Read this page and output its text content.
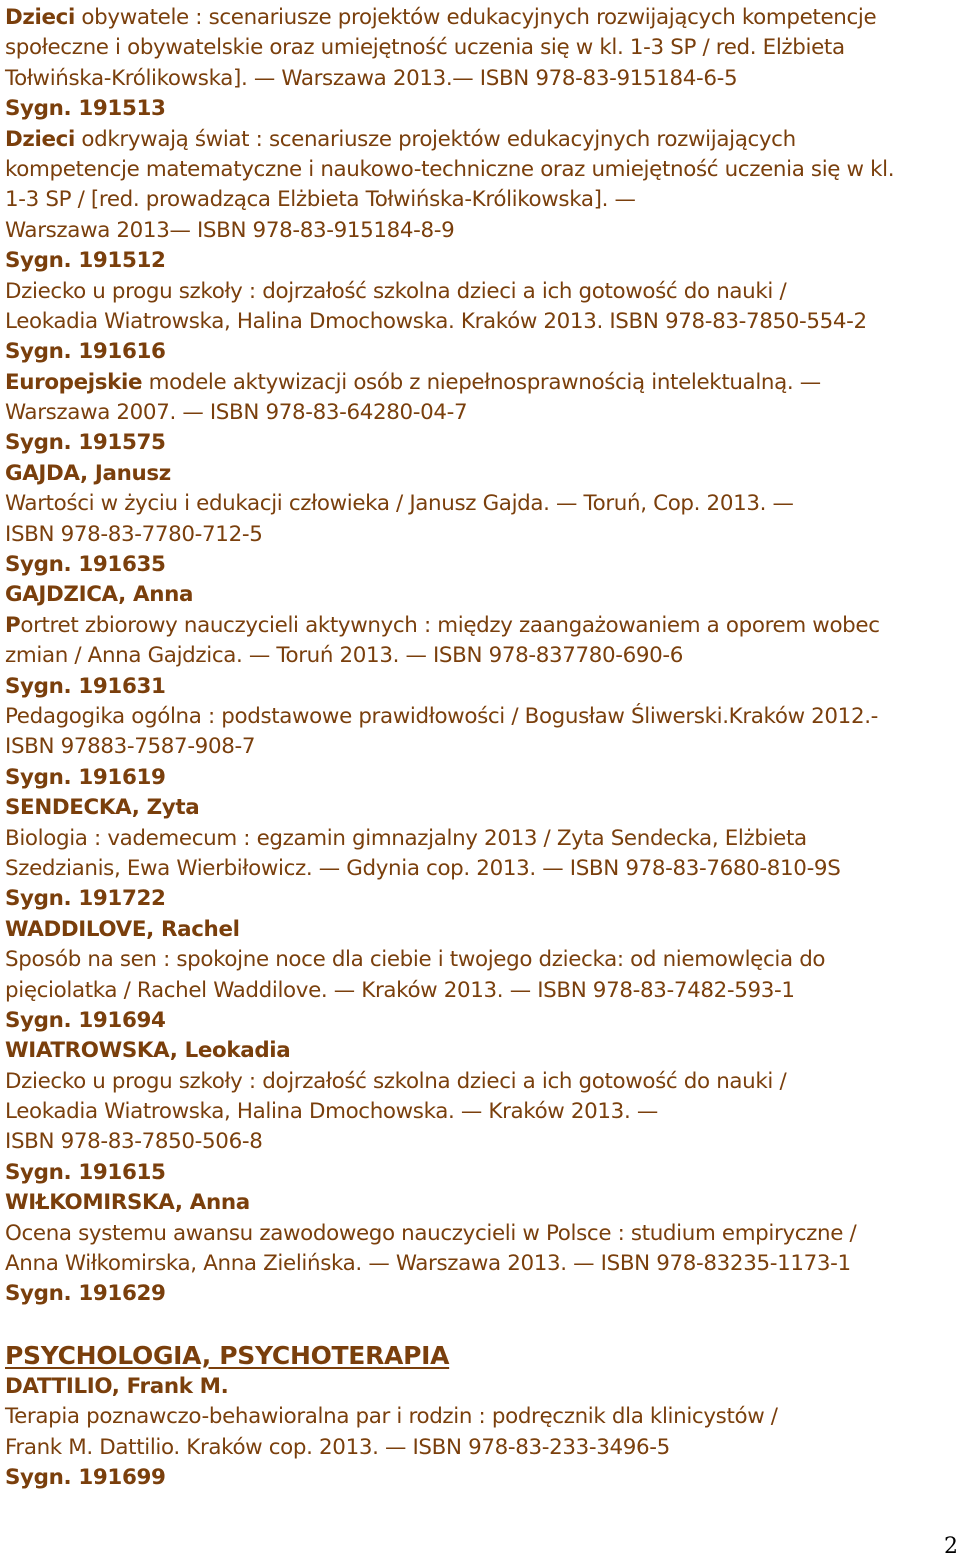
Dzieci obywatele : scenariusze projektów edukacyjnych rozwijających kompetencje
społeczne i obywatelskie oraz umiejętność uczenia się w kl. 1-3 SP / red. Elżbieta
Tołwińska-Królikowska]. — Warszawa 2013.— ISBN 978-83-915184-6-5
Sygn. 191513
Dzieci odkrywają świat : scenariusze projektów edukacyjnych rozwijających
kompetencje matematyczne i naukowo-techniczne oraz umiejętność uczenia się w kl.
1-3 SP / [red. prowadząca Elżbieta Tołwińska-Królikowska]. —
Warszawa 2013— ISBN 978-83-915184-8-9
Sygn. 191512
Dziecko u progu szkoły : dojrzałość szkolna dzieci a ich gotowość do nauki /
Leokadia Wiatrowska, Halina Dmochowska. Kraków 2013. ISBN 978-83-7850-554-2
Sygn. 191616
Europejskie modele aktywizacji osób z niepełnosprawnością intelektualną. —
Warszawa 2007. — ISBN 978-83-64280-04-7
Sygn. 191575
GAJDA, Janusz
Wartości w życiu i edukacji człowieka / Janusz Gajda. — Toruń, Cop. 2013. —
ISBN 978-83-7780-712-5
Sygn. 191635
GAJDZICA, Anna
Portret zbiorowy nauczycieli aktywnych : między zaangażowaniem a oporem wobec
zmian / Anna Gajdzica. — Toruń 2013. — ISBN 978-837780-690-6
Sygn. 191631
Pedagogika ogólna : podstawowe prawidłowości / Bogusław Śliwerski.Kraków 2012.-
ISBN 97883-7587-908-7
Sygn. 191619
SENDECKA, Zyta
Biologia : vademecum : egzamin gimnazjalny 2013 / Zyta Sendecka, Elżbieta
Szedzianis, Ewa Wierbiłowicz. — Gdynia cop. 2013. — ISBN 978-83-7680-810-9S
Sygn. 191722
WADDILOVE, Rachel
Sposób na sen : spokojne noce dla ciebie i twojego dziecka: od niemowlęcia do
pięciolatka / Rachel Waddilove. — Kraków 2013. — ISBN 978-83-7482-593-1
Sygn. 191694
WIATROWSKA, Leokadia
Dziecko u progu szkoły : dojrzałość szkolna dzieci a ich gotowość do nauki /
Leokadia Wiatrowska, Halina Dmochowska. — Kraków 2013. —
ISBN 978-83-7850-506-8
Sygn. 191615
WIŁKOMIRSKA, Anna
Ocena systemu awansu zawodowego nauczycieli w Polsce : studium empiryczne /
Anna Wiłkomirska, Anna Zielińska. — Warszawa 2013. — ISBN 978-83235-1173-1
Sygn. 191629
PSYCHOLOGIA, PSYCHOTERAPIA
DATTILIO, Frank M.
Terapia poznawczo-behawioralna par i rodzin : podręcznik dla klinicystów /
Frank M. Dattilio. Kraków cop. 2013. — ISBN 978-83-233-3496-5
Sygn. 191699
2
